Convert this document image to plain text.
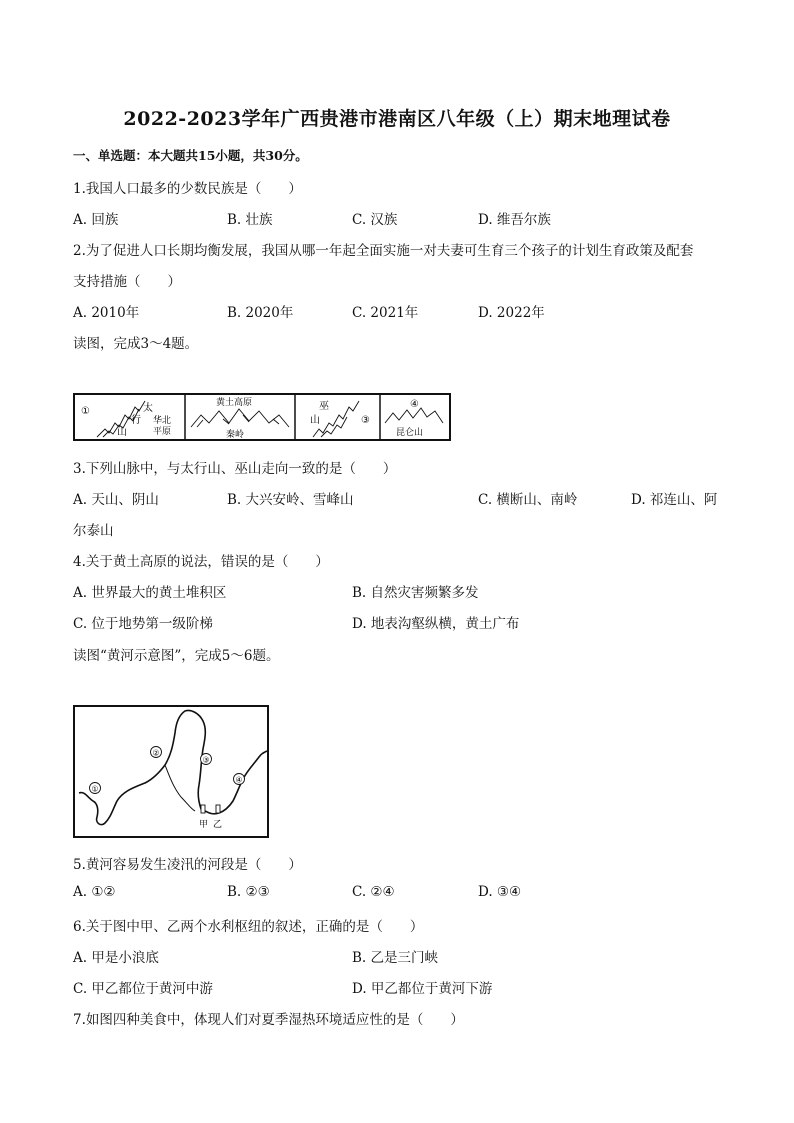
2022-2023学年广西贵港市港南区八年级（上）期末地理试卷
一、单选题：本大题共15小题，共30分。
1.我国人口最多的少数民族是（　　）
A. 回族	B. 壮族	C. 汉族	D. 维吾尔族
2.为了促进人口长期均衡发展，我国从哪一年起全面实施一对夫妻可生育三个孩子的计划生育政策及配套
支持措施（　　）
A. 2010年	B. 2020年	C. 2021年	D. 2022年
读图，完成3～4题。
①	太
行
山
华北
平原
黄土高原
秦岭
巫
山	③
④
昆仑山
3.下列山脉中，与太行山、巫山走向一致的是（　　）
A. 天山、阴山	B. 大兴安岭、雪峰山	C. 横断山、南岭	D. 祁连山、阿
尔泰山
4.关于黄土高原的说法，错误的是（　　）
A. 世界最大的黄土堆积区	B. 自然灾害频繁多发
C. 位于地势第一级阶梯	D. 地表沟壑纵横，黄土广布
读图“黄河示意图”，完成5～6题。
①
②
③
④
甲 乙
5.黄河容易发生凌汛的河段是（　　）
A. ①②	B. ②③	C. ②④	D. ③④
6.关于图中甲、乙两个水利枢纽的叙述，正确的是（　　）
A. 甲是小浪底	B. 乙是三门峡
C. 甲乙都位于黄河中游	D. 甲乙都位于黄河下游
7.如图四种美食中，体现人们对夏季湿热环境适应性的是（　　）
